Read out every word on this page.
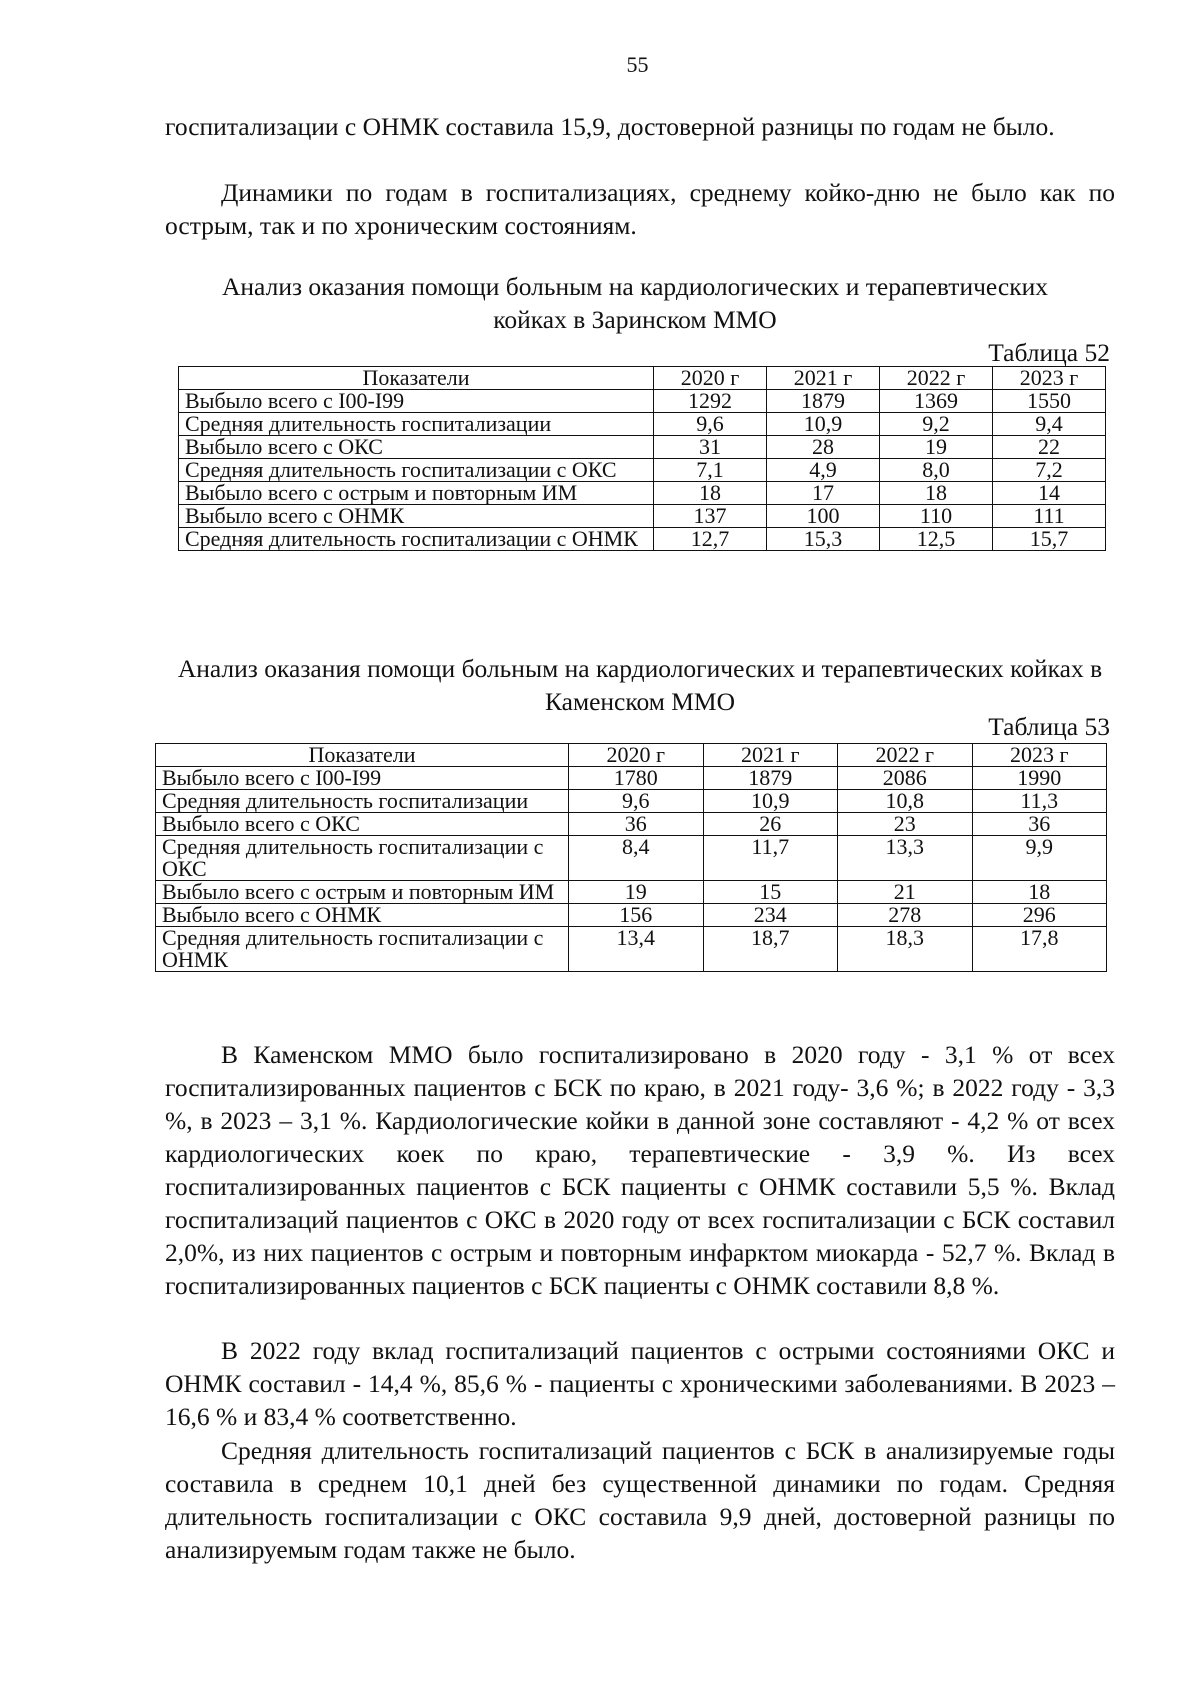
55

госпитализации с ОНМК составила 15,9, достоверной разницы по годам не было.

Динамики по годам в госпитализациях, среднему койко-дню не было как по острым, так и по хроническим состояниям.

Анализ оказания помощи больным на кардиологических и терапевтических койках в Заринском ММО

Таблица 52
Показатели	2020 г	2021 г	2022 г	2023 г
Выбыло всего с I00-I99	1292	1879	1369	1550
Средняя длительность госпитализации	9,6	10,9	9,2	9,4
Выбыло всего с ОКС	31	28	19	22
Средняя длительность госпитализации с ОКС	7,1	4,9	8,0	7,2
Выбыло всего с острым и повторным ИМ	18	17	18	14
Выбыло всего с ОНМК	137	100	110	111
Средняя длительность госпитализации с ОНМК	12,7	15,3	12,5	15,7

Анализ оказания помощи больным на кардиологических и терапевтических койках в Каменском ММО

Таблица 53
Показатели	2020 г	2021 г	2022 г	2023 г
Выбыло всего с I00-I99	1780	1879	2086	1990
Средняя длительность госпитализации	9,6	10,9	10,8	11,3
Выбыло всего с ОКС	36	26	23	36
Средняя длительность госпитализации с ОКС	8,4	11,7	13,3	9,9
Выбыло всего с острым и повторным ИМ	19	15	21	18
Выбыло всего с ОНМК	156	234	278	296
Средняя длительность госпитализации с ОНМК	13,4	18,7	18,3	17,8

В Каменском ММО было госпитализировано в 2020 году - 3,1 % от всех госпитализированных пациентов с БСК по краю, в 2021 году- 3,6 %; в 2022 году - 3,3 %, в 2023 – 3,1 %. Кардиологические койки в данной зоне составляют - 4,2 % от всех кардиологических коек по краю, терапевтические - 3,9 %. Из всех госпитализированных пациентов с БСК пациенты с ОНМК составили 5,5 %. Вклад госпитализаций пациентов с ОКС в 2020 году от всех госпитализации с БСК составил 2,0%, из них пациентов с острым и повторным инфарктом миокарда - 52,7 %. Вклад в госпитализированных пациентов с БСК пациенты с ОНМК составили 8,8 %.

В 2022 году вклад госпитализаций пациентов с острыми состояниями ОКС и ОНМК составил - 14,4 %, 85,6 % - пациенты с хроническими заболеваниями. В 2023 – 16,6 % и 83,4 % соответственно.

Средняя длительность госпитализаций пациентов с БСК в анализируемые годы составила в среднем 10,1 дней без существенной динамики по годам. Средняя длительность госпитализации с ОКС составила 9,9 дней, достоверной разницы по анализируемым годам также не было.
